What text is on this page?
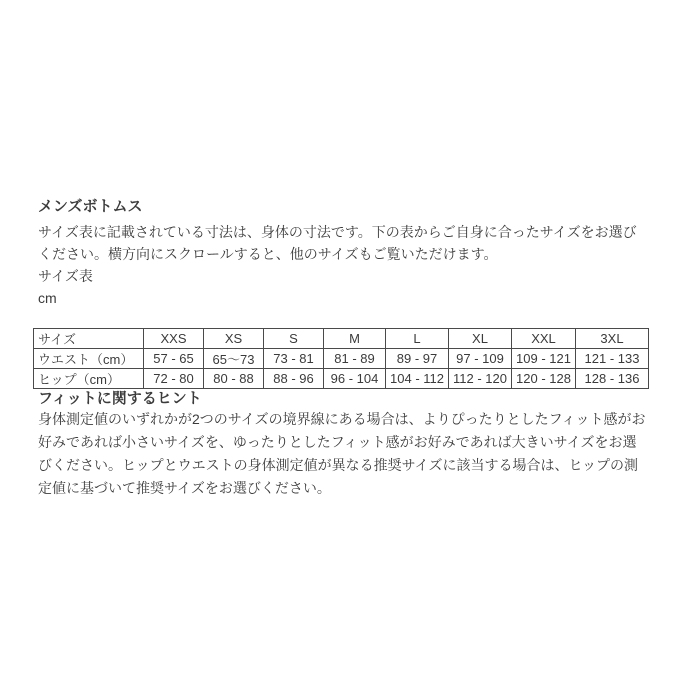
メンズボトムス

サイズ表に記載されている寸法は、身体の寸法です。下の表からご自身に合ったサイズをお選びください。横方向にスクロールすると、他のサイズもご覧いただけます。

サイズ表

cm

サイズ	XXS	XS	S	M	L	XL	XXL	3XL
ウエスト（cm）	57 - 65	65〜73	73 - 81	81 - 89	89 - 97	97 - 109	109 - 121	121 - 133
ヒップ（cm）	72 - 80	80 - 88	88 - 96	96 - 104	104 - 112	112 - 120	120 - 128	128 - 136
フィットに関するヒント

身体測定値のいずれかが2つのサイズの境界線にある場合は、よりぴったりとしたフィット感がお好みであれば小さいサイズを、ゆったりとしたフィット感がお好みであれば大きいサイズをお選びください。ヒップとウエストの身体測定値が異なる推奨サイズに該当する場合は、ヒップの測定値に基づいて推奨サイズをお選びください。
